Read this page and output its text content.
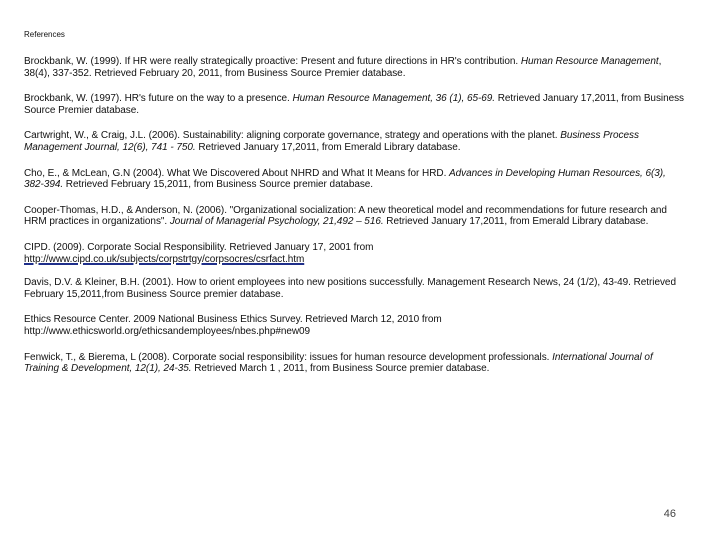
References

Brockbank, W. (1999). If HR were really strategically proactive: Present and future directions in HR's contribution. Human Resource Management, 38(4), 337-352. Retrieved February 20, 2011, from Business Source Premier database.

Brockbank, W. (1997). HR's future on the way to a presence. Human Resource Management, 36 (1), 65-69. Retrieved January 17,2011, from Business Source Premier database.

Cartwright, W., & Craig, J.L. (2006). Sustainability: aligning corporate governance, strategy and operations with the planet. Business Process Management Journal, 12(6), 741 - 750. Retrieved January 17,2011, from Emerald Library database.

Cho, E., & McLean, G.N (2004). What We Discovered About NHRD and What It Means for HRD. Advances in Developing Human Resources, 6(3), 382-394. Retrieved February 15,2011, from Business Source premier database.

Cooper-Thomas, H.D., & Anderson, N. (2006). "Organizational socialization: A new theoretical model and recommendations for future research and HRM practices in organizations". Journal of Managerial Psychology, 21,492 – 516. Retrieved January 17,2011, from Emerald Library database.

CIPD. (2009). Corporate Social Responsibility. Retrieved January 17, 2001 from
http://www.cipd.co.uk/subjects/corpstrtgy/corpsocres/csrfact.htm

Davis, D.V. & Kleiner, B.H. (2001). How to orient employees into new positions successfully. Management Research News, 24 (1/2), 43-49. Retrieved February 15,2011,from Business Source premier database.

Ethics Resource Center. 2009 National Business Ethics Survey. Retrieved March 12, 2010 from
http://www.ethicsworld.org/ethicsandemployees/nbes.php#new09

Fenwick, T., & Bierema, L (2008). Corporate social responsibility: issues for human resource development professionals. International Journal of Training & Development, 12(1), 24-35. Retrieved March 1 , 2011, from Business Source premier database.

46
